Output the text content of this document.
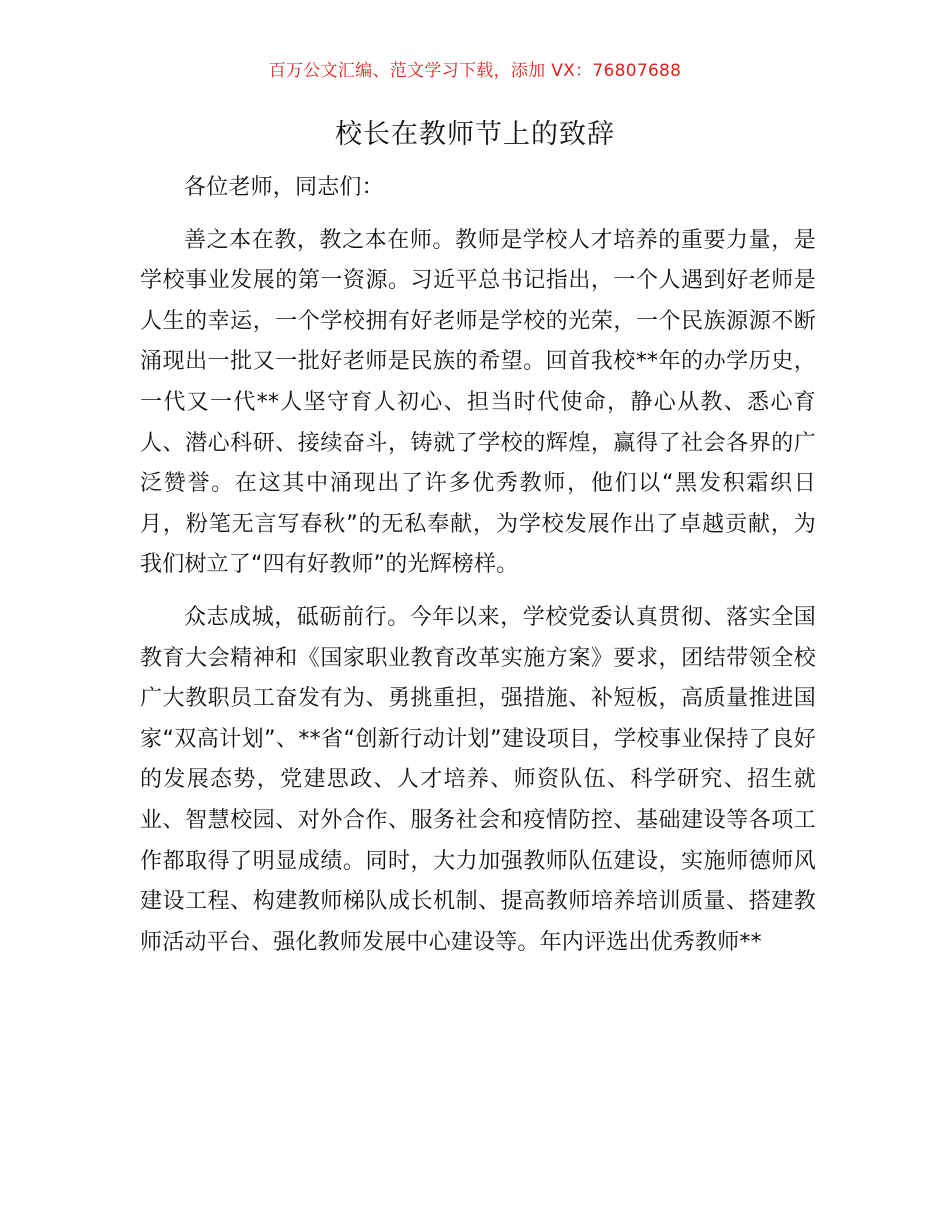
百万公文汇编、范文学习下载，添加 VX：76807688
校长在教师节上的致辞

各位老师，同志们：

善之本在教，教之本在师。教师是学校人才培养的重要力量，是学校事业发展的第一资源。习近平总书记指出，一个人遇到好老师是人生的幸运，一个学校拥有好老师是学校的光荣，一个民族源源不断涌现出一批又一批好老师是民族的希望。回首我校**年的办学历史，一代又一代**人坚守育人初心、担当时代使命，静心从教、悉心育人、潜心科研、接续奋斗，铸就了学校的辉煌，赢得了社会各界的广泛赞誉。在这其中涌现出了许多优秀教师，他们以“黑发积霜织日月，粉笔无言写春秋”的无私奉献，为学校发展作出了卓越贡献，为我们树立了“四有好教师”的光辉榜样。

众志成城，砥砺前行。今年以来，学校党委认真贯彻、落实全国教育大会精神和《国家职业教育改革实施方案》要求，团结带领全校广大教职员工奋发有为、勇挑重担，强措施、补短板，高质量推进国家“双高计划”、**省“创新行动计划”建设项目，学校事业保持了良好的发展态势，党建思政、人才培养、师资队伍、科学研究、招生就业、智慧校园、对外合作、服务社会和疫情防控、基础建设等各项工作都取得了明显成绩。同时，大力加强教师队伍建设，实施师德师风建设工程、构建教师梯队成长机制、提高教师培养培训质量、搭建教师活动平台、强化教师发展中心建设等。年内评选出优秀教师**
